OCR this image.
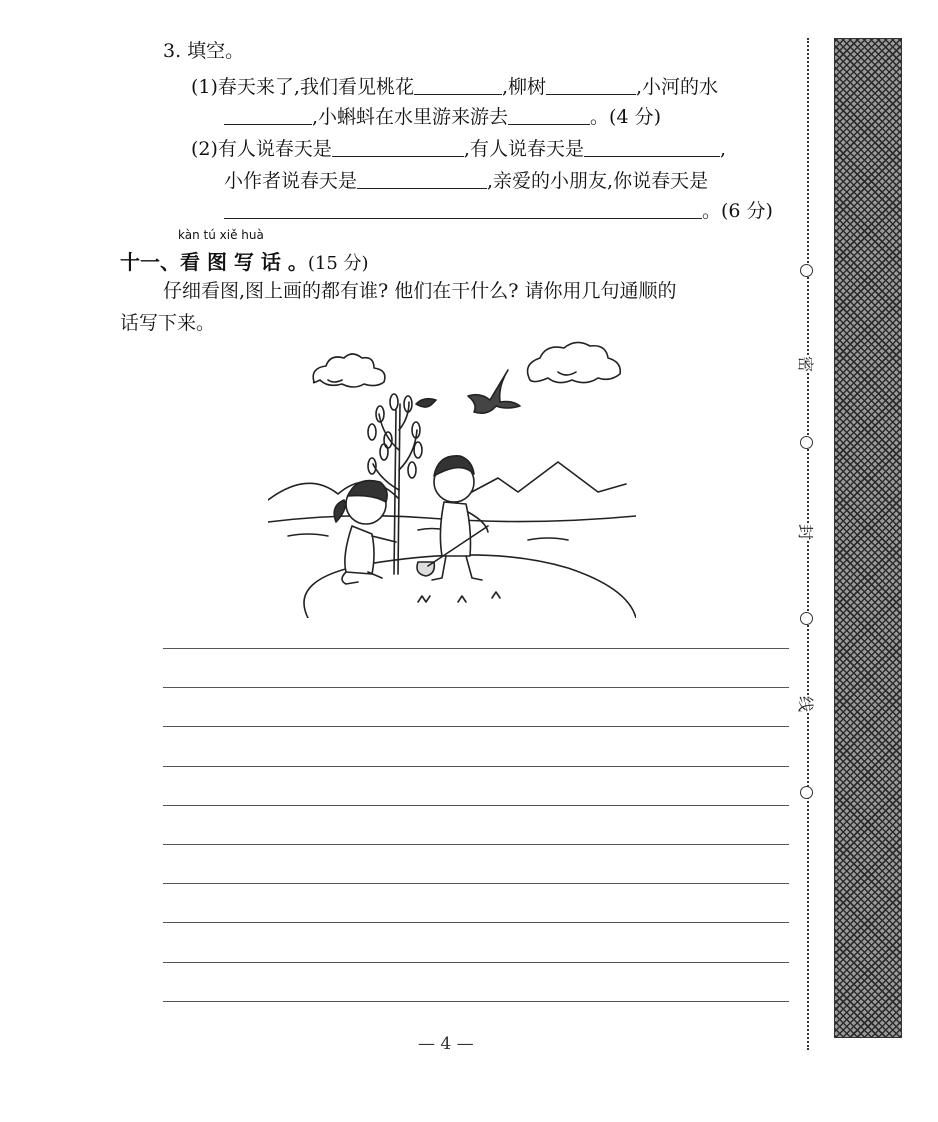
3. 填空。
(1)春天来了,我们看见桃花	,柳树	,小河的水
,小蝌蚪在水里游来游去	。(4 分)
(2)有人说春天是	,有人说春天是	,
小作者说春天是	,亲爱的小朋友,你说春天是
。(6 分)
kàn tú xiě huà
十一、看 图 写 话 。(15 分)
仔细看图,图上画的都有谁? 他们在干什么? 请你用几句通顺的
话写下来。
— 4 —
密
封
线
